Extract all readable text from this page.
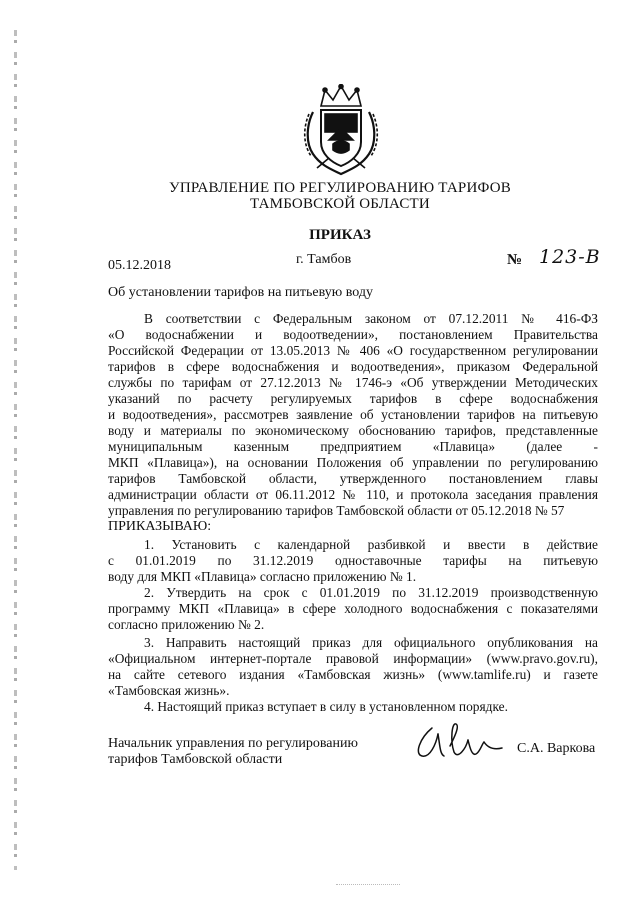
УПРАВЛЕНИЕ ПО РЕГУЛИРОВАНИЮ ТАРИФОВ
ТАМБОВСКОЙ ОБЛАСТИ
ПРИКАЗ
05.12.2018	г. Тамбов	№ 123-В
Об установлении тарифов на питьевую воду
В соответствии с Федеральным законом от 07.12.2011 № 416-ФЗ
«О водоснабжении и водоотведении», постановлением Правительства
Российской Федерации от 13.05.2013 № 406 «О государственном регулировании
тарифов в сфере водоснабжения и водоотведения», приказом Федеральной
службы по тарифам от 27.12.2013 № 1746-э «Об утверждении Методических
указаний по расчету регулируемых тарифов в сфере водоснабжения
и водоотведения», рассмотрев заявление об установлении тарифов на питьевую
воду и материалы по экономическому обоснованию тарифов, представленные
муниципальным казенным предприятием «Плавица» (далее -
МКП «Плавица»), на основании Положения об управлении по регулированию
тарифов Тамбовской области, утвержденного постановлением главы
администрации области от 06.11.2012 № 110, и протокола заседания правления
управления по регулированию тарифов Тамбовской области от 05.12.2018 № 57
ПРИКАЗЫВАЮ:
1. Установить с календарной разбивкой и ввести в действие
с 01.01.2019 по 31.12.2019 одноставочные тарифы на питьевую
воду для МКП «Плавица» согласно приложению № 1.
2. Утвердить на срок с 01.01.2019 по 31.12.2019 производственную
программу МКП «Плавица» в сфере холодного водоснабжения с показателями
согласно приложению № 2.
3. Направить настоящий приказ для официального опубликования на
«Официальном интернет-портале правовой информации» (www.pravo.gov.ru),
на сайте сетевого издания «Тамбовская жизнь» (www.tamlife.ru) и газете
«Тамбовская жизнь».
4. Настоящий приказ вступает в силу в установленном порядке.
Начальник управления по регулированию
тарифов Тамбовской области
С.А. Варкова
